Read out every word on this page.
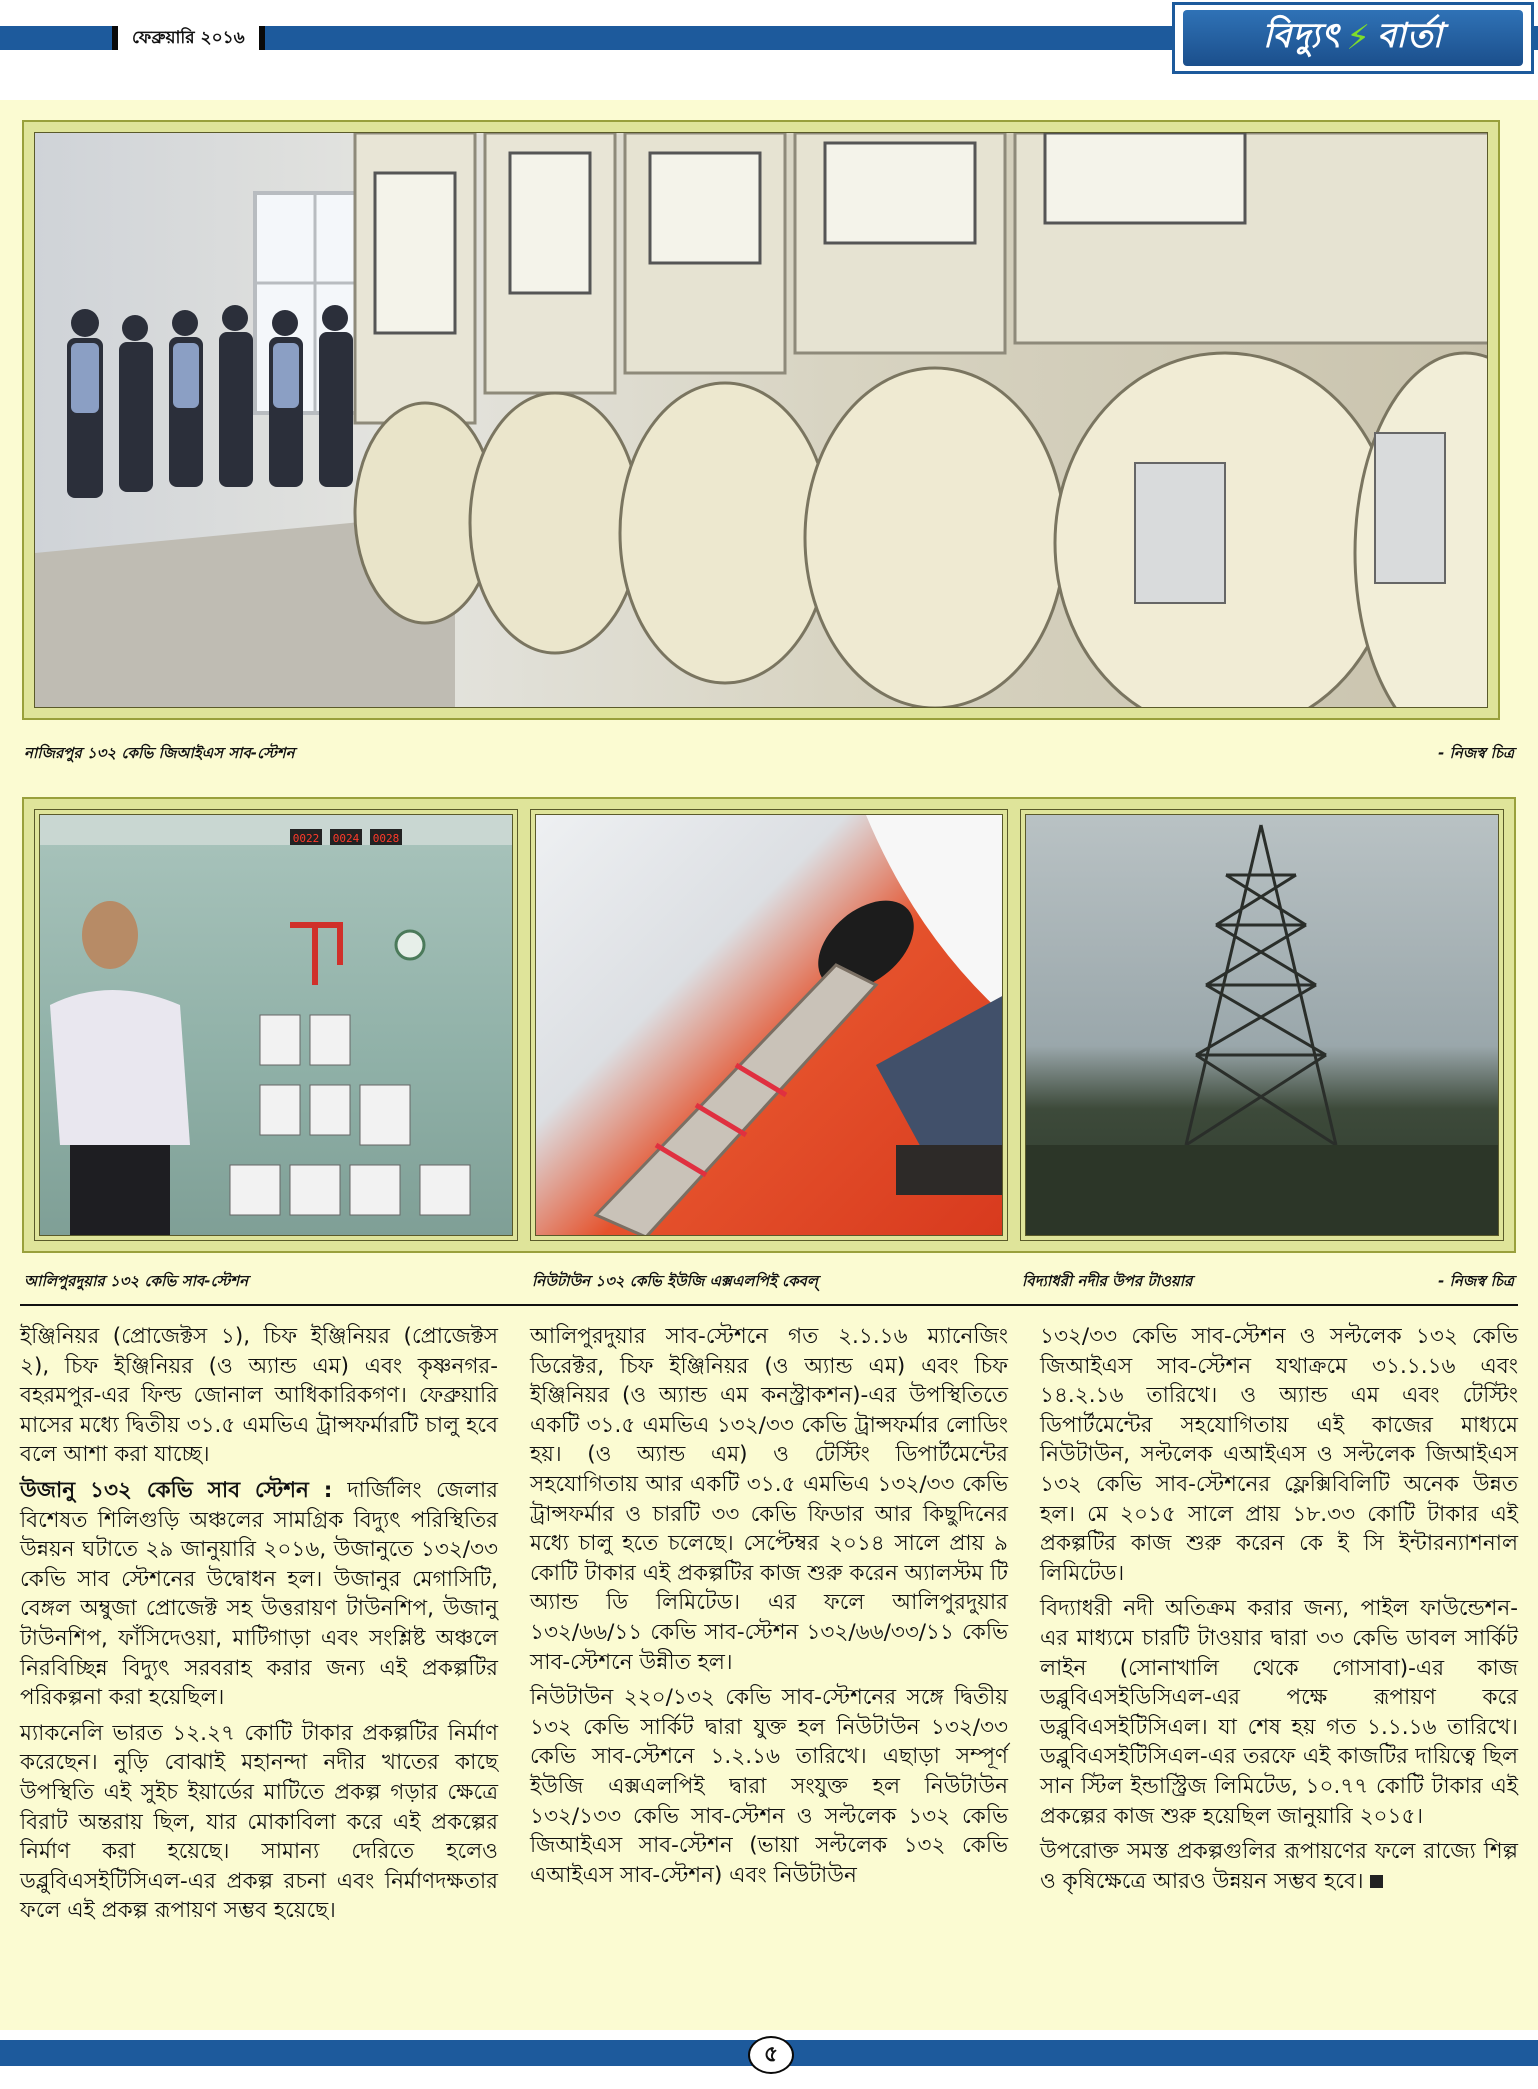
ফেব্রুয়ারি ২০১৬	বিদ্যুৎ ⚡ বার্তা
নাজিরপুর ১৩২ কেভি জিআইএস সাব-স্টেশন	- নিজস্ব চিত্র
0022 0024 0028
আলিপুরদুয়ার ১৩২ কেভি সাব-স্টেশন	নিউটাউন ১৩২ কেভি ইউজি এক্সএলপিই কেবল্	বিদ্যাধরী নদীর উপর টাওয়ার	- নিজস্ব চিত্র

ইঞ্জিনিয়র (প্রোজেক্টস ১), চিফ ইঞ্জিনিয়র (প্রোজেক্টস ২), চিফ ইঞ্জিনিয়র (ও অ্যান্ড এম) এবং কৃষ্ণনগর-বহরমপুর-এর ফিল্ড জোনাল আধিকারিকগণ। ফেব্রুয়ারি মাসের মধ্যে দ্বিতীয় ৩১.৫ এমভিএ ট্রান্সফর্মারটি চালু হবে বলে আশা করা যাচ্ছে।

উজানু ১৩২ কেভি সাব স্টেশন : দার্জিলিং জেলার বিশেষত শিলিগুড়ি অঞ্চলের সামগ্রিক বিদ্যুৎ পরিস্থিতির উন্নয়ন ঘটাতে ২৯ জানুয়ারি ২০১৬, উজানুতে ১৩২/৩৩ কেভি সাব স্টেশনের উদ্বোধন হল। উজানুর মেগাসিটি, বেঙ্গল অম্বুজা প্রোজেক্ট সহ উত্তরায়ণ টাউনশিপ, উজানু টাউনশিপ, ফাঁসিদেওয়া, মাটিগাড়া এবং সংশ্লিষ্ট অঞ্চলে নিরবিচ্ছিন্ন বিদ্যুৎ সরবরাহ করার জন্য এই প্রকল্পটির পরিকল্পনা করা হয়েছিল।

ম্যাকনেলি ভারত ১২.২৭ কোটি টাকার প্রকল্পটির নির্মাণ করেছেন। নুড়ি বোঝাই মহানন্দা নদীর খাতের কাছে উপস্থিতি এই সুইচ ইয়ার্ডের মাটিতে প্রকল্প গড়ার ক্ষেত্রে বিরাট অন্তরায় ছিল, যার মোকাবিলা করে এই প্রকল্পের নির্মাণ করা হয়েছে। সামান্য দেরিতে হলেও ডব্লুবিএসইটিসিএল-এর প্রকল্প রচনা এবং নির্মাণদক্ষতার ফলে এই প্রকল্প রূপায়ণ সম্ভব হয়েছে।

আলিপুরদুয়ার সাব-স্টেশনে গত ২.১.১৬ ম্যানেজিং ডিরেক্টর, চিফ ইঞ্জিনিয়র (ও অ্যান্ড এম) এবং চিফ ইঞ্জিনিয়র (ও অ্যান্ড এম কনস্ট্রাকশন)-এর উপস্থিতিতে একটি ৩১.৫ এমভিএ ১৩২/৩৩ কেভি ট্রান্সফর্মার লোডিং হয়। (ও অ্যান্ড এম) ও টেস্টিং ডিপার্টমেন্টের সহযোগিতায় আর একটি ৩১.৫ এমভিএ ১৩২/৩৩ কেভি ট্রান্সফর্মার ও চারটি ৩৩ কেভি ফিডার আর কিছুদিনের মধ্যে চালু হতে চলেছে। সেপ্টেম্বর ২০১৪ সালে প্রায় ৯ কোটি টাকার এই প্রকল্পটির কাজ শুরু করেন অ্যালস্টম টি অ্যান্ড ডি লিমিটেড। এর ফলে আলিপুরদুয়ার ১৩২/৬৬/১১ কেভি সাব-স্টেশন ১৩২/৬৬/৩৩/১১ কেভি সাব-স্টেশনে উন্নীত হল।

নিউটাউন ২২০/১৩২ কেভি সাব-স্টেশনের সঙ্গে দ্বিতীয় ১৩২ কেভি সার্কিট দ্বারা যুক্ত হল নিউটাউন ১৩২/৩৩ কেভি সাব-স্টেশনে ১.২.১৬ তারিখে। এছাড়া সম্পূর্ণ ইউজি এক্সএলপিই দ্বারা সংযুক্ত হল নিউটাউন ১৩২/১৩৩ কেভি সাব-স্টেশন ও সল্টলেক ১৩২ কেভি জিআইএস সাব-স্টেশন (ভায়া সল্টলেক ১৩২ কেভি এআইএস সাব-স্টেশন) এবং নিউটাউন

১৩২/৩৩ কেভি সাব-স্টেশন ও সল্টলেক ১৩২ কেভি জিআইএস সাব-স্টেশন যথাক্রমে ৩১.১.১৬ এবং ১৪.২.১৬ তারিখে। ও অ্যান্ড এম এবং টেস্টিং ডিপার্টমেন্টের সহযোগিতায় এই কাজের মাধ্যমে নিউটাউন, সল্টলেক এআইএস ও সল্টলেক জিআইএস ১৩২ কেভি সাব-স্টেশনের ফ্লেক্সিবিলিটি অনেক উন্নত হল। মে ২০১৫ সালে প্রায় ১৮.৩৩ কোটি টাকার এই প্রকল্পটির কাজ শুরু করেন কে ই সি ইন্টারন্যাশনাল লিমিটেড।

বিদ্যাধরী নদী অতিক্রম করার জন্য, পাইল ফাউন্ডেশন-এর মাধ্যমে চারটি টাওয়ার দ্বারা ৩৩ কেভি ডাবল সার্কিট লাইন (সোনাখালি থেকে গোসাবা)-এর কাজ ডব্লুবিএসইডিসিএল-এর পক্ষে রূপায়ণ করে ডব্লুবিএসইটিসিএল। যা শেষ হয় গত ১.১.১৬ তারিখে। ডব্লুবিএসইটিসিএল-এর তরফে এই কাজটির দায়িত্বে ছিল সান স্টিল ইন্ডাস্ট্রিজ লিমিটেড, ১০.৭৭ কোটি টাকার এই প্রকল্পের কাজ শুরু হয়েছিল জানুয়ারি ২০১৫।

উপরোক্ত সমস্ত প্রকল্পগুলির রূপায়ণের ফলে রাজ্যে শিল্প ও কৃষিক্ষেত্রে আরও উন্নয়ন সম্ভব হবে।

৫
